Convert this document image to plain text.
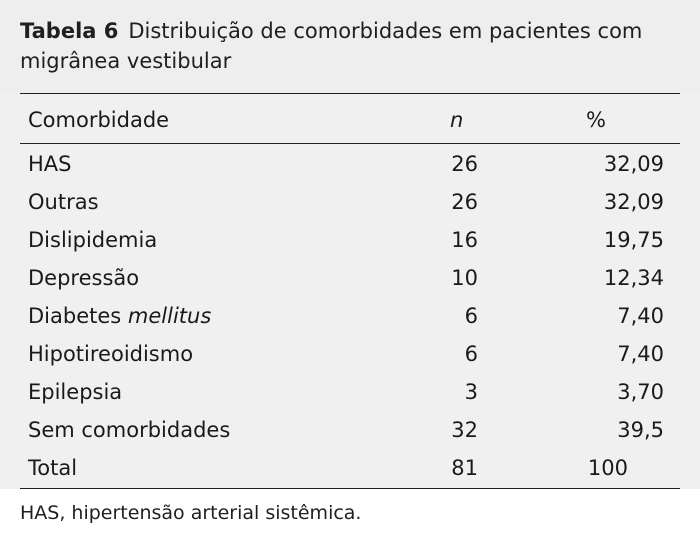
Tabela 6 Distribuição de comorbidades em pacientes com migrânea vestibular
Comorbidade	n	%
HAS	26	32,09
Outras	26	32,09
Dislipidemia	16	19,75
Depressão	10	12,34
Diabetes mellitus	6	7,40
Hipotireoidismo	6	7,40
Epilepsia	3	3,70
Sem comorbidades	32	39,5
Total	81	100
HAS, hipertensão arterial sistêmica.
